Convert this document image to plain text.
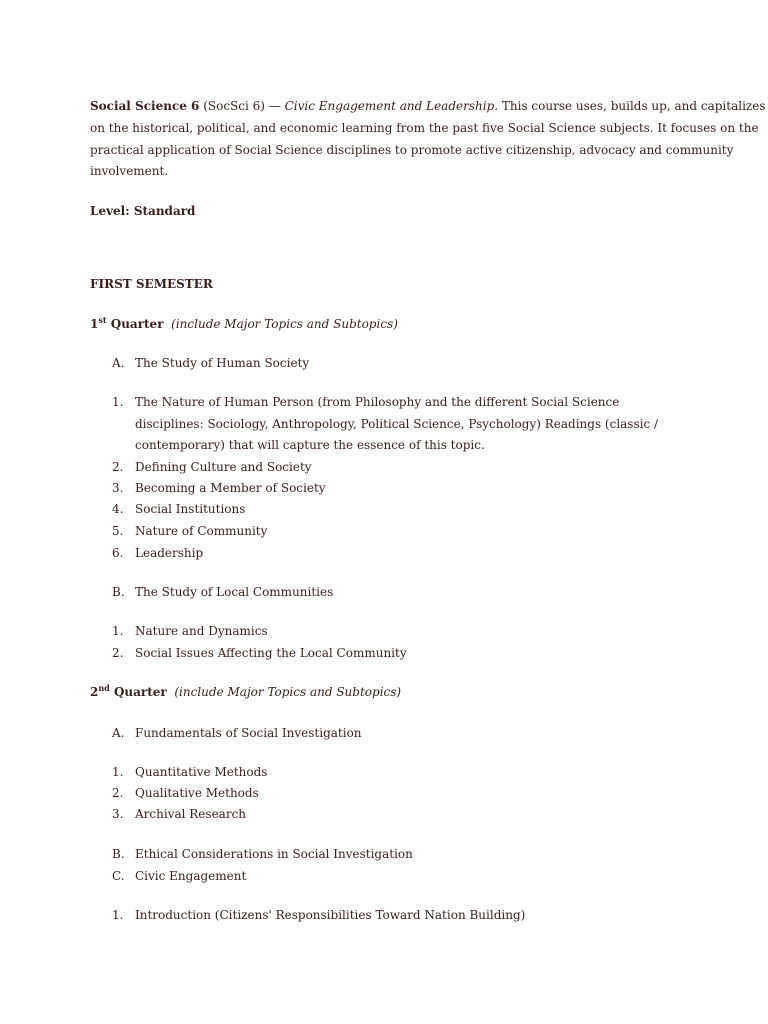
Social Science 6 (SocSci 6) — Civic Engagement and Leadership. This course uses, builds up, and capitalizes
on the historical, political, and economic learning from the past five Social Science subjects. It focuses on the
practical application of Social Science disciplines to promote active citizenship, advocacy and community
involvement.
Level: Standard
FIRST SEMESTER
1st Quarter (include Major Topics and Subtopics)
A. The Study of Human Society
1. The Nature of Human Person (from Philosophy and the different Social Science
disciplines: Sociology, Anthropology, Political Science, Psychology) Readings (classic /
contemporary) that will capture the essence of this topic.
2. Defining Culture and Society
3. Becoming a Member of Society
4. Social Institutions
5. Nature of Community
6. Leadership
B. The Study of Local Communities
1. Nature and Dynamics
2. Social Issues Affecting the Local Community
2nd Quarter (include Major Topics and Subtopics)
A. Fundamentals of Social Investigation
1. Quantitative Methods
2. Qualitative Methods
3. Archival Research
B. Ethical Considerations in Social Investigation
C. Civic Engagement
1. Introduction (Citizens' Responsibilities Toward Nation Building)
